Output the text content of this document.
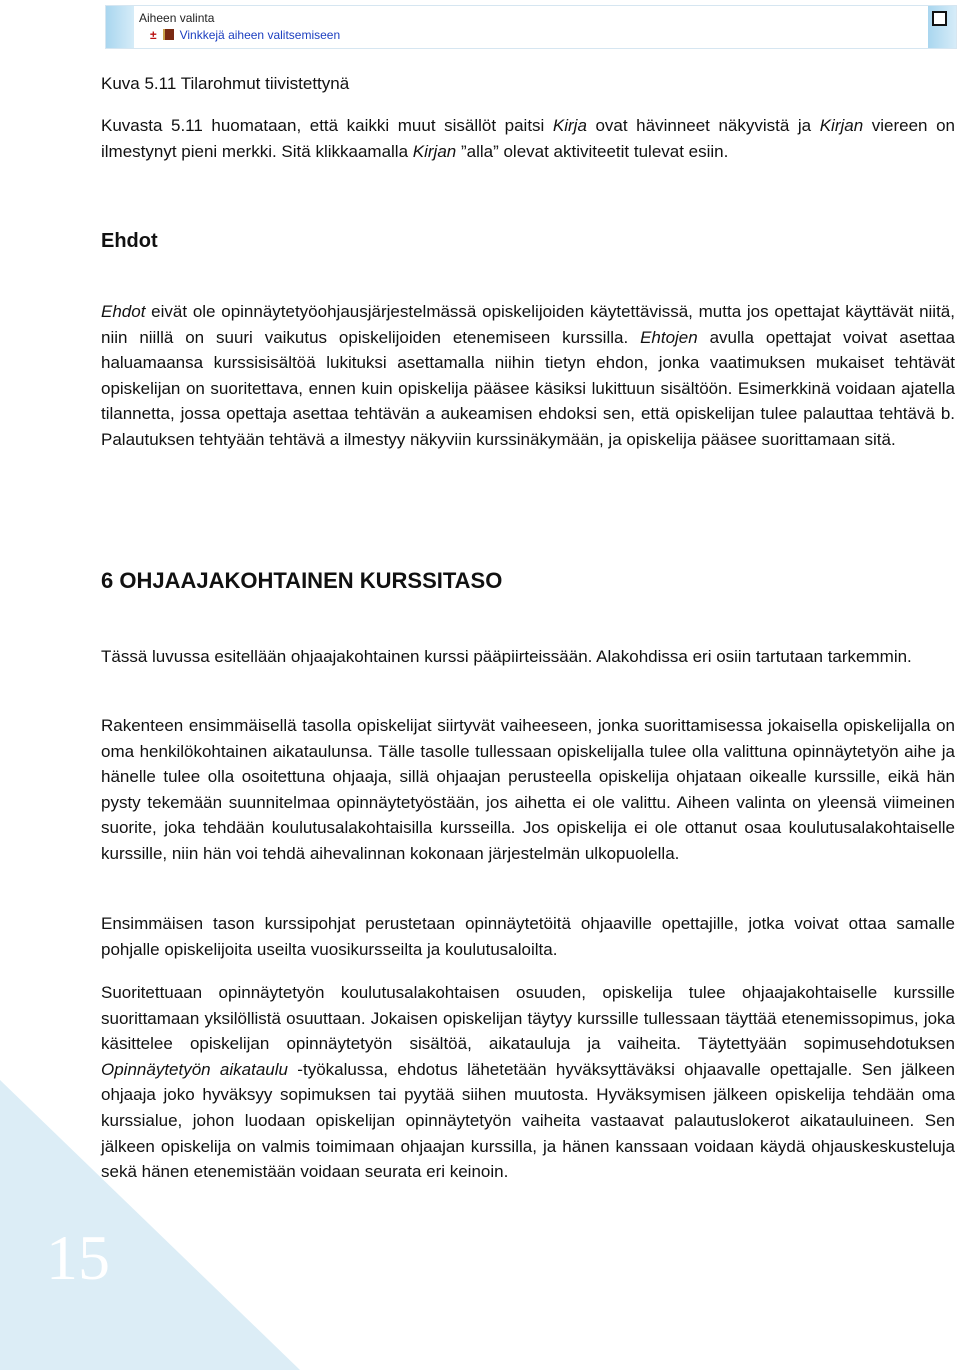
15
Aiheen valinta
± Vinkkejä aiheen valitsemiseen

Kuva 5.11 Tilarohmut tiivistettynä

Kuvasta 5.11 huomataan, että kaikki muut sisällöt paitsi Kirja ovat hävinneet näkyvistä ja Kirjan viereen on ilmestynyt pieni merkki. Sitä klikkaamalla Kirjan ”alla” olevat aktiviteetit tulevat esiin.

Ehdot

Ehdot eivät ole opinnäytetyöohjausjärjestelmässä opiskelijoiden käytettävissä, mutta jos opettajat käyttävät niitä, niin niillä on suuri vaikutus opiskelijoiden etenemiseen kurssilla. Ehtojen avulla opettajat voivat asettaa haluamaansa kurssisisältöä lukituksi asettamalla niihin tietyn ehdon, jonka vaatimuksen mukaiset tehtävät opiskelijan on suoritettava, ennen kuin opiskelija pääsee käsiksi lukittuun sisältöön. Esimerkkinä voidaan ajatella tilannetta, jossa opettaja asettaa tehtävän a aukeamisen ehdoksi sen, että opiskelijan tulee palauttaa tehtävä b. Palautuksen tehtyään tehtävä a ilmestyy näkyviin kurssinäkymään, ja opiskelija pääsee suorittamaan sitä.

6 OHJAAJAKOHTAINEN KURSSITASO

Tässä luvussa esitellään ohjaajakohtainen kurssi pääpiirteissään. Alakohdissa eri osiin tartutaan tarkemmin.

Rakenteen ensimmäisellä tasolla opiskelijat siirtyvät vaiheeseen, jonka suorittamisessa jokaisella opiskelijalla on oma henkilökohtainen aikataulunsa. Tälle tasolle tullessaan opiskelijalla tulee olla valittuna opinnäytetyön aihe ja hänelle tulee olla osoitettuna ohjaaja, sillä ohjaajan perusteella opiskelija ohjataan oikealle kurssille, eikä hän pysty tekemään suunnitelmaa opinnäytetyöstään, jos aihetta ei ole valittu. Aiheen valinta on yleensä viimeinen suorite, joka tehdään koulutusalakohtaisilla kursseilla. Jos opiskelija ei ole ottanut osaa koulutusalakohtaiselle kurssille, niin hän voi tehdä aihevalinnan kokonaan järjestelmän ulkopuolella.

Ensimmäisen tason kurssipohjat perustetaan opinnäytetöitä ohjaaville opettajille, jotka voivat ottaa samalle pohjalle opiskelijoita useilta vuosikursseilta ja koulutusaloilta.

Suoritettuaan opinnäytetyön koulutusalakohtaisen osuuden, opiskelija tulee ohjaajakohtaiselle kurssille suorittamaan yksilöllistä osuuttaan. Jokaisen opiskelijan täytyy kurssille tullessaan täyttää etenemissopimus, joka käsittelee opiskelijan opinnäytetyön sisältöä, aikatauluja ja vaiheita. Täytettyään sopimusehdotuksen Opinnäytetyön aikataulu -työkalussa, ehdotus lähetetään hyväksyttäväksi ohjaavalle opettajalle. Sen jälkeen ohjaaja joko hyväksyy sopimuksen tai pyytää siihen muutosta. Hyväksymisen jälkeen opiskelija tehdään oma kurssialue, johon luodaan opiskelijan opinnäytetyön vaiheita vastaavat palautuslokerot aikatauluineen. Sen jälkeen opiskelija on valmis toimimaan ohjaajan kurssilla, ja hänen kanssaan voidaan käydä ohjauskeskusteluja sekä hänen etenemistään voidaan seurata eri keinoin.
